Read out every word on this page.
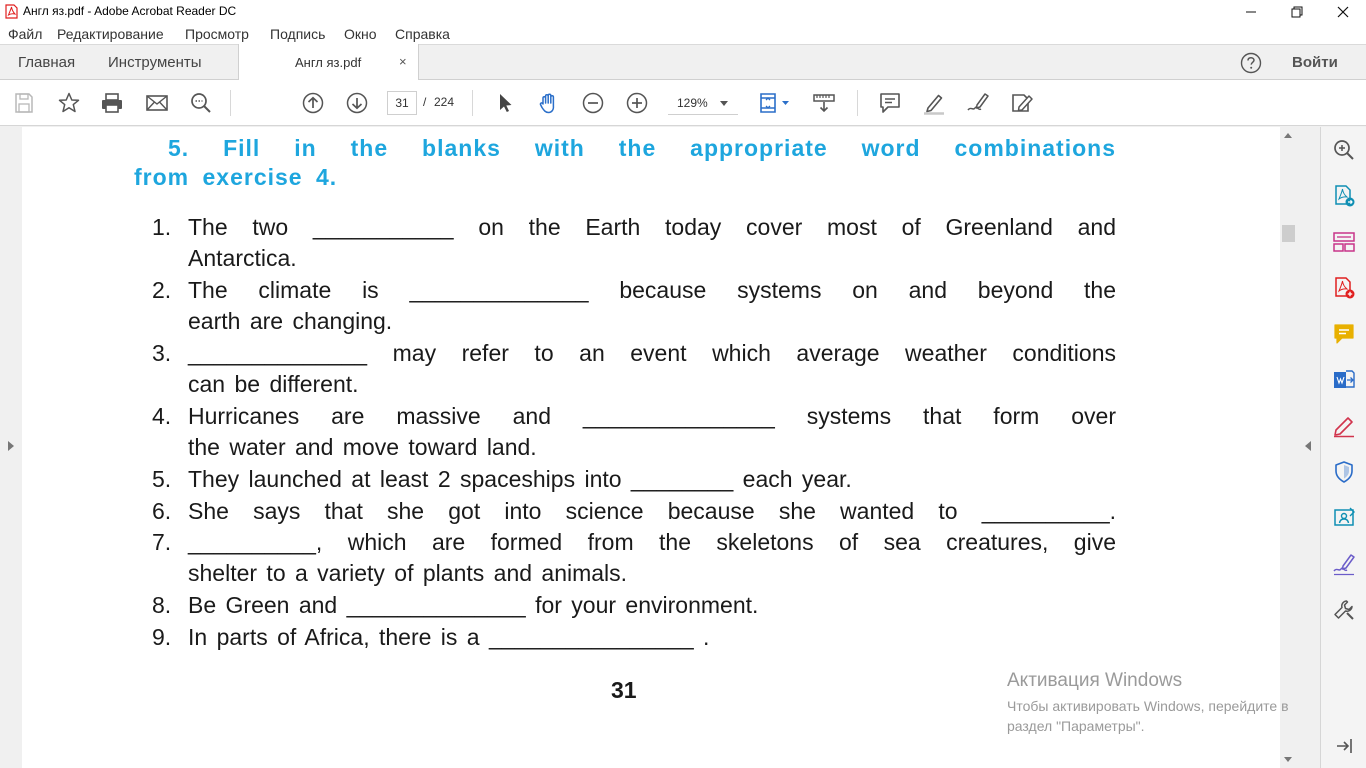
Англ яз.pdf - Adobe Acrobat Reader DC
Файл Редактирование Просмотр Подпись Окно Справка
Главная Инструменты	Англ яз.pdf	×	Войти
31	/ 224	129%
5. Fill in the blanks with the appropriate word combinations
from exercise 4.
1. The two ___________ on the Earth today cover most of Greenland and
Antarctica.
2. The climate is ______________ because systems on and beyond the
earth are changing.
3. ______________ may refer to an event which average weather conditions
can be different.
4. Hurricanes are massive and _______________ systems that form over
the water and move toward land.
5. They launched at least 2 spaceships into ________ each year.
6. She says that she got into science because she wanted to __________.
7. __________, which are formed from the skeletons of sea creatures, give
shelter to a variety of plants and animals.
8. Be Green and ______________ for your environment.
9. In parts of Africa, there is a ________________ .
31	Активация Windows
Чтобы активировать Windows, перейдите в
раздел "Параметры".
